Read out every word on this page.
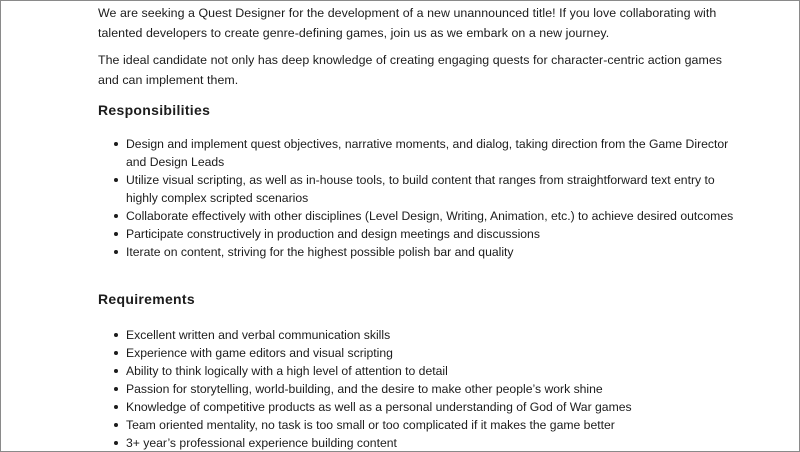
We are seeking a Quest Designer for the development of a new unannounced title! If you love collaborating with talented developers to create genre-defining games, join us as we embark on a new journey.

The ideal candidate not only has deep knowledge of creating engaging quests for character-centric action games and can implement them.

Responsibilities
Design and implement quest objectives, narrative moments, and dialog, taking direction from the Game Director and Design Leads
Utilize visual scripting, as well as in-house tools, to build content that ranges from straightforward text entry to highly complex scripted scenarios
Collaborate effectively with other disciplines (Level Design, Writing, Animation, etc.) to achieve desired outcomes
Participate constructively in production and design meetings and discussions
Iterate on content, striving for the highest possible polish bar and quality
Requirements
Excellent written and verbal communication skills
Experience with game editors and visual scripting
Ability to think logically with a high level of attention to detail
Passion for storytelling, world-building, and the desire to make other people’s work shine
Knowledge of competitive products as well as a personal understanding of God of War games
Team oriented mentality, no task is too small or too complicated if it makes the game better
3+ year’s professional experience building content
